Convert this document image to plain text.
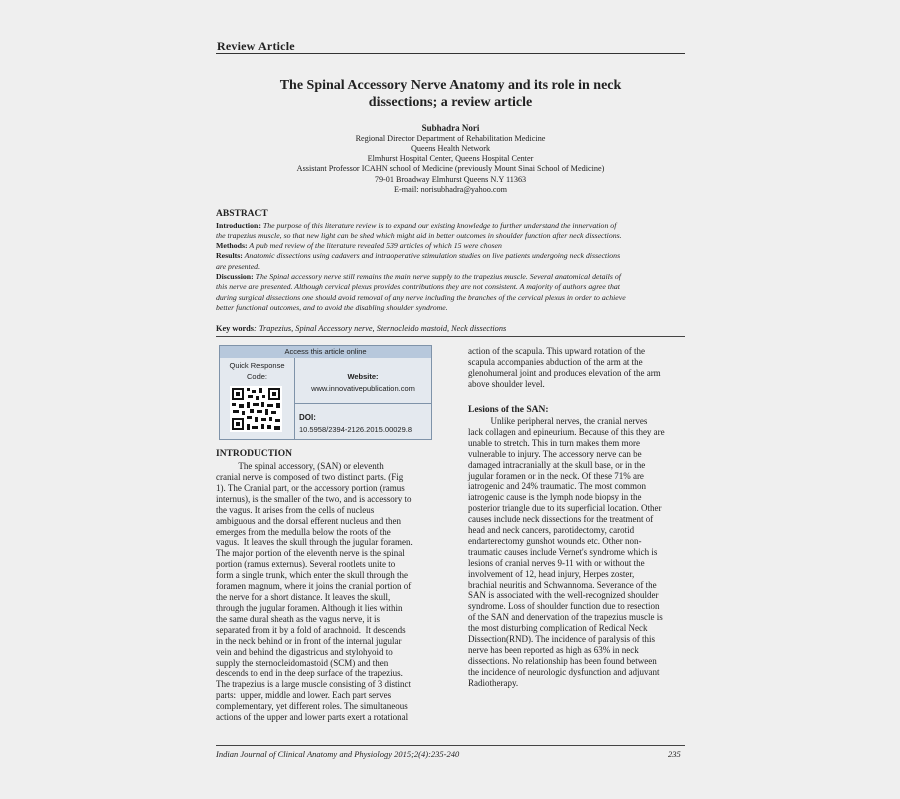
Review Article
The Spinal Accessory Nerve Anatomy and its role in neck
dissections; a review article
Subhadra Nori
Regional Director Department of Rehabilitation Medicine
Queens Health Network
Elmhurst Hospital Center, Queens Hospital Center
Assistant Professor ICAHN school of Medicine (previously Mount Sinai School of Medicine)
79-01 Broadway Elmhurst Queens N.Y 11363
E-mail: norisubhadra@yahoo.com
ABSTRACT
Introduction: The purpose of this literature review is to expand our existing knowledge to further understand the innervation of
the trapezius muscle, so that new light can be shed which might aid in better outcomes in shoulder function after neck dissections.
Methods: A pub med review of the literature revealed 539 articles of which 15 were chosen
Results: Anatomic dissections using cadavers and intraoperative stimulation studies on live patients undergoing neck dissections
are presented.
Discussion: The Spinal accessory nerve still remains the main nerve supply to the trapezius muscle. Several anatomical details of
this nerve are presented. Although cervical plexus provides contributions they are not consistent. A majority of authors agree that
during surgical dissections one should avoid removal of any nerve including the branches of the cervical plexus in order to achieve
better functional outcomes, and to avoid the disabling shoulder syndrome.
Key words: Trapezius, Spinal Accessory nerve, Sternocleido mastoid, Neck dissections
Access this article online
Quick Response
Code:	Website:
www.innovativepublication.com
DOI:
10.5958/2394-2126.2015.00029.8
INTRODUCTION
The spinal accessory, (SAN) or eleventh
cranial nerve is composed of two distinct parts. (Fig
1). The Cranial part, or the accessory portion (ramus
internus), is the smaller of the two, and is accessory to
the vagus. It arises from the cells of nucleus
ambiguous and the dorsal efferent nucleus and then
emerges from the medulla below the roots of the
vagus.  It leaves the skull through the jugular foramen.
The major portion of the eleventh nerve is the spinal
portion (ramus externus). Several rootlets unite to
form a single trunk, which enter the skull through the
foramen magnum, where it joins the cranial portion of
the nerve for a short distance. It leaves the skull,
through the jugular foramen. Although it lies within
the same dural sheath as the vagus nerve, it is
separated from it by a fold of arachnoid.  It descends
in the neck behind or in front of the internal jugular
vein and behind the digastricus and stylohyoid to
supply the sternocleidomastoid (SCM) and then
descends to end in the deep surface of the trapezius.
The trapezius is a large muscle consisting of 3 distinct
parts:  upper, middle and lower. Each part serves
complementary, yet different roles. The simultaneous
actions of the upper and lower parts exert a rotational
action of the scapula. This upward rotation of the
scapula accompanies abduction of the arm at the
glenohumeral joint and produces elevation of the arm
above shoulder level.
Lesions of the SAN:
Unlike peripheral nerves, the cranial nerves
lack collagen and epineurium. Because of this they are
unable to stretch. This in turn makes them more
vulnerable to injury. The accessory nerve can be
damaged intracranially at the skull base, or in the
jugular foramen or in the neck. Of these 71% are
iatrogenic and 24% traumatic. The most common
iatrogenic cause is the lymph node biopsy in the
posterior triangle due to its superficial location. Other
causes include neck dissections for the treatment of
head and neck cancers, parotidectomy, carotid
endarterectomy gunshot wounds etc. Other non-
traumatic causes include Vernet's syndrome which is
lesions of cranial nerves 9-11 with or without the
involvement of 12, head injury, Herpes zoster,
brachial neuritis and Schwannoma. Severance of the
SAN is associated with the well-recognized shoulder
syndrome. Loss of shoulder function due to resection
of the SAN and denervation of the trapezius muscle is
the most disturbing complication of Redical Neck
Dissection(RND). The incidence of paralysis of this
nerve has been reported as high as 63% in neck
dissections. No relationship has been found between
the incidence of neurologic dysfunction and adjuvant
Radiotherapy.
Indian Journal of Clinical Anatomy and Physiology 2015;2(4):235-240	235
